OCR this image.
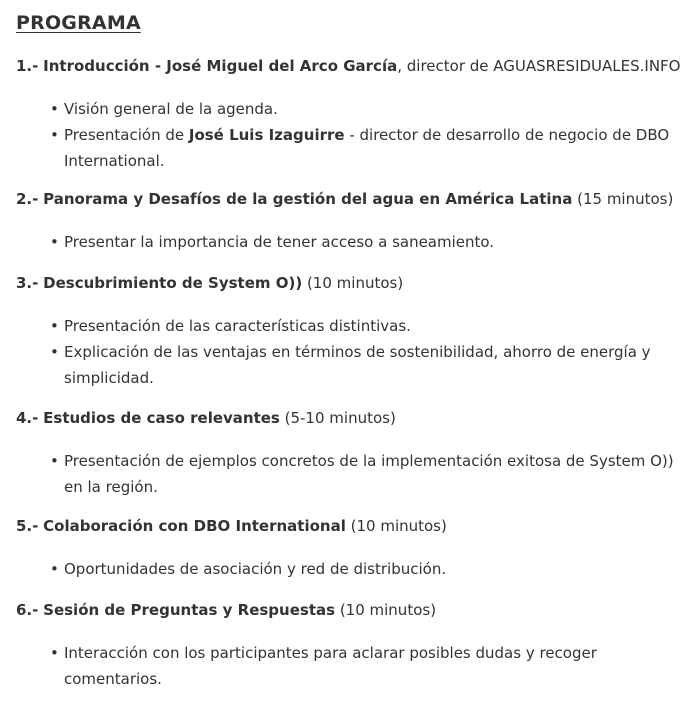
PROGRAMA
1.- Introducción - José Miguel del Arco García, director de AGUASRESIDUALES.INFO
• Visión general de la agenda.
• Presentación de José Luis Izaguirre - director de desarrollo de negocio de DBO International.
2.- Panorama y Desafíos de la gestión del agua en América Latina (15 minutos)
• Presentar la importancia de tener acceso a saneamiento.
3.- Descubrimiento de System O)) (10 minutos)
• Presentación de las características distintivas.
• Explicación de las ventajas en términos de sostenibilidad, ahorro de energía y simplicidad.
4.- Estudios de caso relevantes (5-10 minutos)
• Presentación de ejemplos concretos de la implementación exitosa de System O)) en la región.
5.- Colaboración con DBO International (10 minutos)
• Oportunidades de asociación y red de distribución.
6.- Sesión de Preguntas y Respuestas (10 minutos)
• Interacción con los participantes para aclarar posibles dudas y recoger comentarios.
